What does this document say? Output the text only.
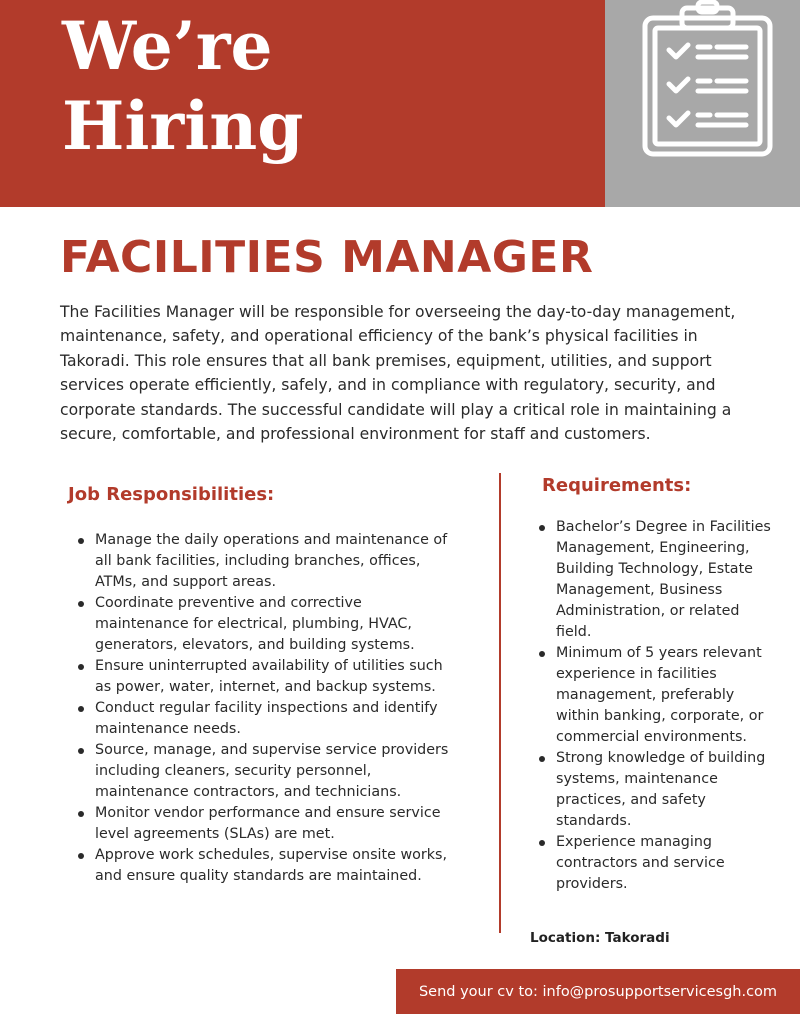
We’re
Hiring
FACILITIES MANAGER

The Facilities Manager will be responsible for overseeing the day-to-day management, maintenance, safety, and operational efficiency of the bank’s physical facilities in Takoradi. This role ensures that all bank premises, equipment, utilities, and support services operate efficiently, safely, and in compliance with regulatory, security, and corporate standards. The successful candidate will play a critical role in maintaining a secure, comfortable, and professional environment for staff and customers.

Job Responsibilities:
Manage the daily operations and maintenance of all bank facilities, including branches, offices, ATMs, and support areas.
Coordinate preventive and corrective maintenance for electrical, plumbing, HVAC, generators, elevators, and building systems.
Ensure uninterrupted availability of utilities such as power, water, internet, and backup systems.
Conduct regular facility inspections and identify maintenance needs.
Source, manage, and supervise service providers including cleaners, security personnel, maintenance contractors, and technicians.
Monitor vendor performance and ensure service level agreements (SLAs) are met.
Approve work schedules, supervise onsite works, and ensure quality standards are maintained.
Requirements:
Bachelor’s Degree in Facilities Management, Engineering, Building Technology, Estate Management, Business Administration, or related field.
Minimum of 5 years relevant experience in facilities management, preferably within banking, corporate, or commercial environments.
Strong knowledge of building systems, maintenance practices, and safety standards.
Experience managing contractors and service providers.

Location: Takoradi

Send your cv to: info@prosupportservicesgh.com
